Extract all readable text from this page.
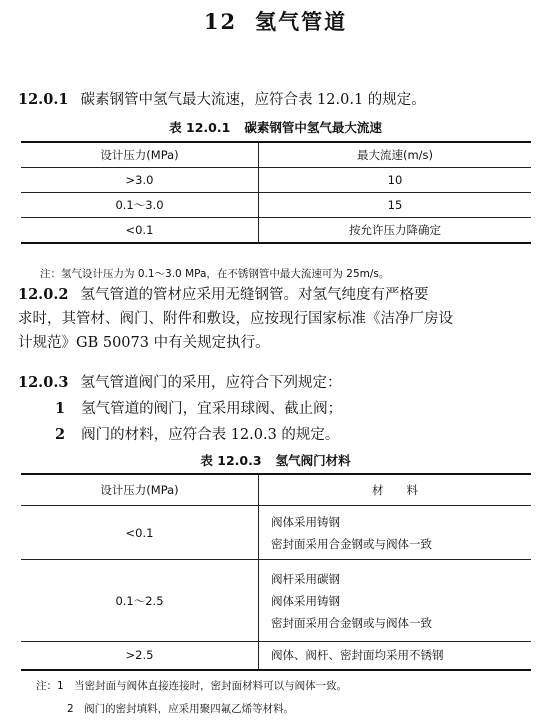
12 氢气管道
12.0.1 碳素钢管中氢气最大流速，应符合表 12.0.1 的规定。
表 12.0.1 碳素钢管中氢气最大流速
设计压力(MPa)	最大流速(m/s)
>3.0	10
0.1～3.0	15
<0.1	按允许压力降确定
注：氢气设计压力为 0.1～3.0 MPa，在不锈钢管中最大流速可为 25m/s。
12.0.2 氢气管道的管材应采用无缝钢管。对氢气纯度有严格要
求时，其管材、阀门、附件和敷设，应按现行国家标准《洁净厂房设
计规范》GB 50073 中有关规定执行。
12.0.3 氢气管道阀门的采用，应符合下列规定：
1 氢气管道的阀门，宜采用球阀、截止阀；
2 阀门的材料，应符合表 12.0.3 的规定。
表 12.0.3 氢气阀门材料
设计压力(MPa)	材　　料
<0.1	阀体采用铸钢
密封面采用合金钢或与阀体一致

0.1～2.5	阀杆采用碳钢
阀体采用铸钢
密封面采用合金钢或与阀体一致

>2.5	阀体、阀杆、密封面均采用不锈钢
注：1　当密封面与阀体直接连接时，密封面材料可以与阀体一致。
2　阀门的密封填料，应采用聚四氟乙烯等材料。
